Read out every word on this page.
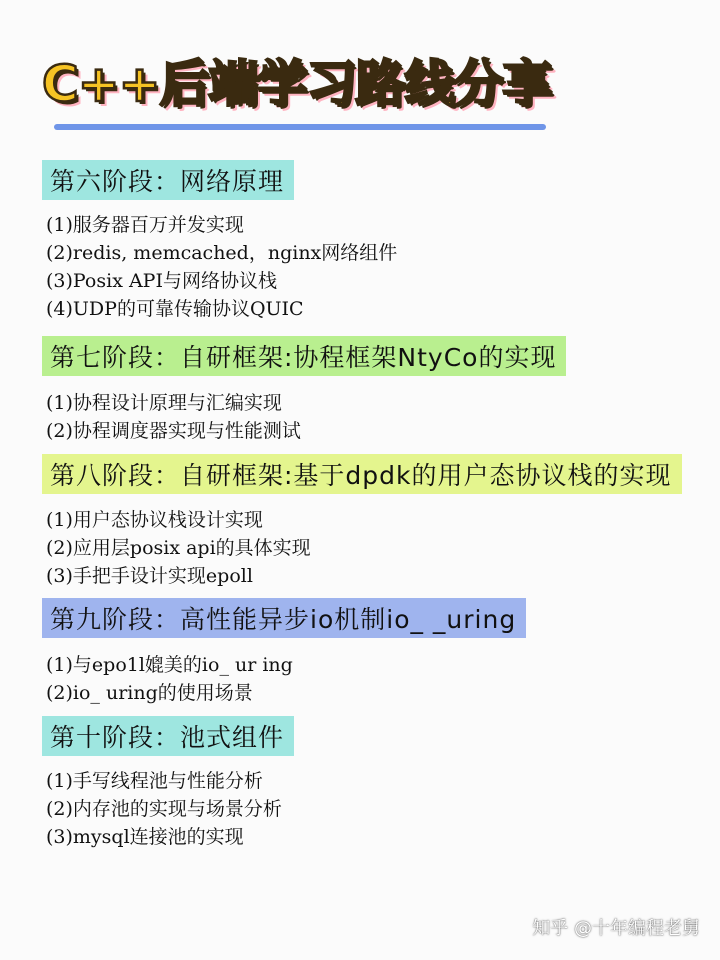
C++后端学习路线分享
第六阶段：网络原理
(1)服务器百万并发实现
(2)redis, memcached，nginx网络组件
(3)Posix API与网络协议栈
(4)UDP的可靠传输协议QUIC
第七阶段：自研框架:协程框架NtyCo的实现
(1)协程设计原理与汇编实现
(2)协程调度器实现与性能测试
第八阶段：自研框架:基于dpdk的用户态协议栈的实现
(1)用户态协议栈设计实现
(2)应用层posix api的具体实现
(3)手把手设计实现epoll
第九阶段：高性能异步io机制io_ _uring
(1)与epo1l媲美的io_ ur ing
(2)io_ uring的使用场景
第十阶段：池式组件
(1)手写线程池与性能分析
(2)内存池的实现与场景分析
(3)mysql连接池的实现
知乎 @十年编程老舅
